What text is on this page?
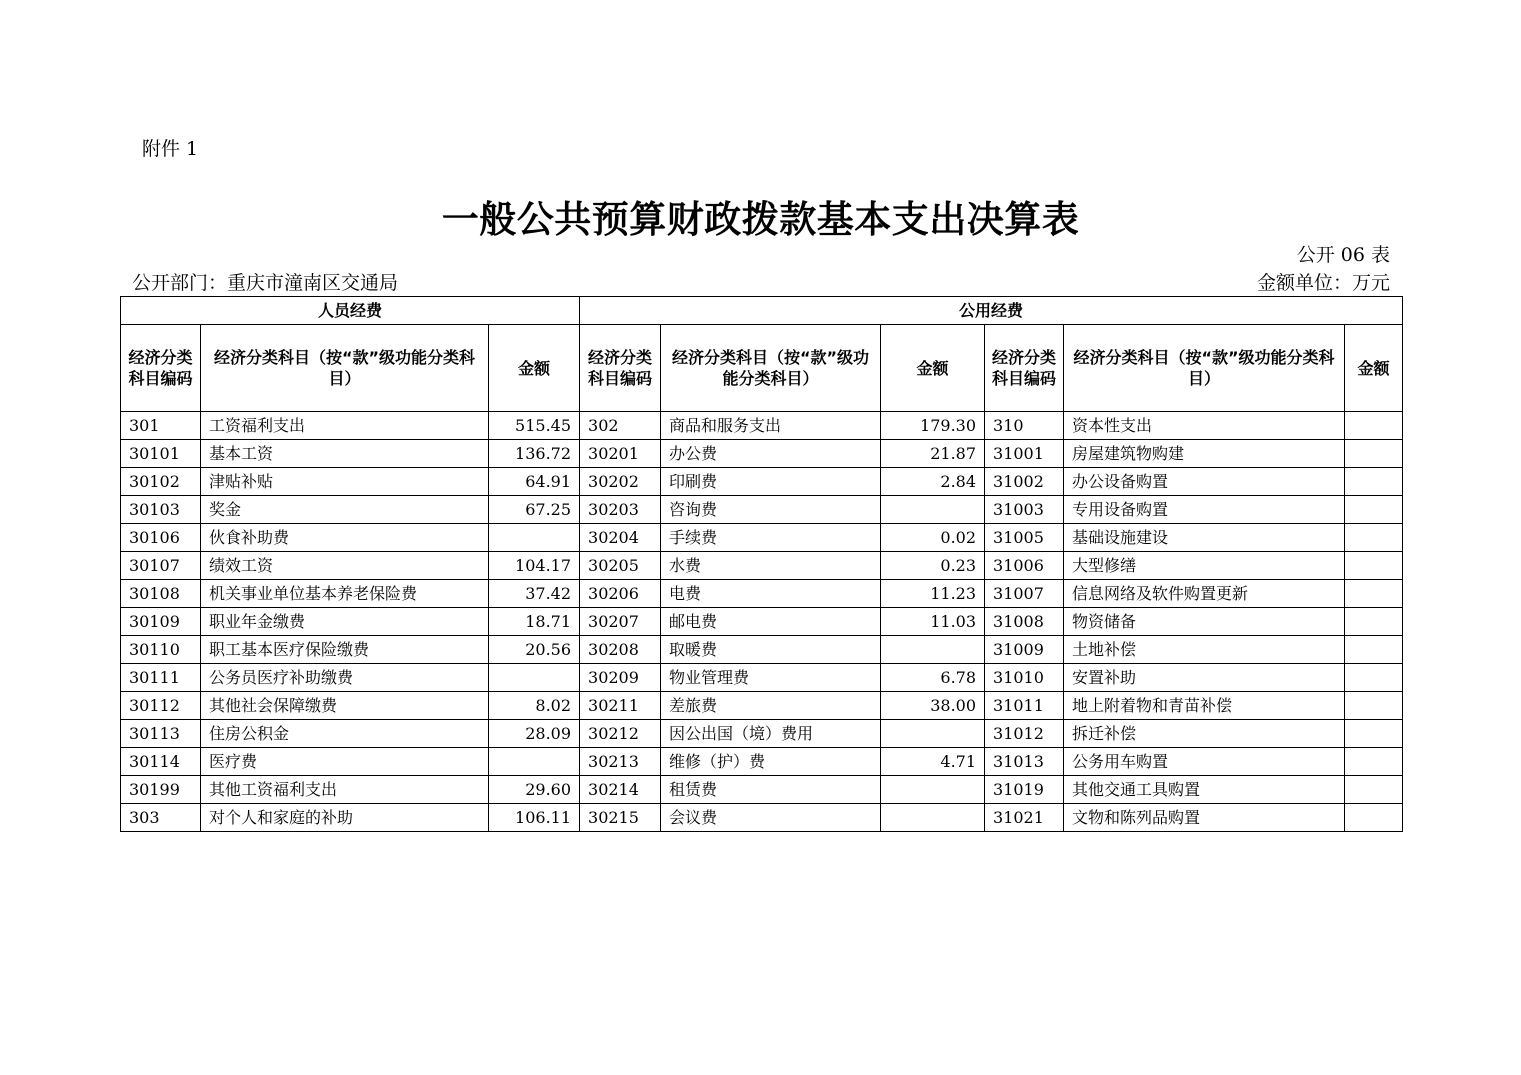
附件 1
一般公共预算财政拨款基本支出决算表
公开 06 表
公开部门：重庆市潼南区交通局	金额单位：万元
人员经费			公用经费					
经济分类科目编码	经济分类科目（按“款”级功能分类科目）	金额	经济分类科目编码	经济分类科目（按“款”级功能分类科目）	金额	经济分类科目编码	经济分类科目（按“款”级功能分类科目）	金额
301	工资福利支出	515.45	302	商品和服务支出	179.30	310	资本性支出	
30101	基本工资	136.72	30201	办公费	21.87	31001	房屋建筑物购建	
30102	津贴补贴	64.91	30202	印刷费	2.84	31002	办公设备购置	
30103	奖金	67.25	30203	咨询费		31003	专用设备购置	
30106	伙食补助费		30204	手续费	0.02	31005	基础设施建设	
30107	绩效工资	104.17	30205	水费	0.23	31006	大型修缮	
30108	机关事业单位基本养老保险费	37.42	30206	电费	11.23	31007	信息网络及软件购置更新	
30109	职业年金缴费	18.71	30207	邮电费	11.03	31008	物资储备	
30110	职工基本医疗保险缴费	20.56	30208	取暖费		31009	土地补偿	
30111	公务员医疗补助缴费		30209	物业管理费	6.78	31010	安置补助	
30112	其他社会保障缴费	8.02	30211	差旅费	38.00	31011	地上附着物和青苗补偿	
30113	住房公积金	28.09	30212	因公出国（境）费用		31012	拆迁补偿	
30114	医疗费		30213	维修（护）费	4.71	31013	公务用车购置	
30199	其他工资福利支出	29.60	30214	租赁费		31019	其他交通工具购置	
303	对个人和家庭的补助	106.11	30215	会议费		31021	文物和陈列品购置	
